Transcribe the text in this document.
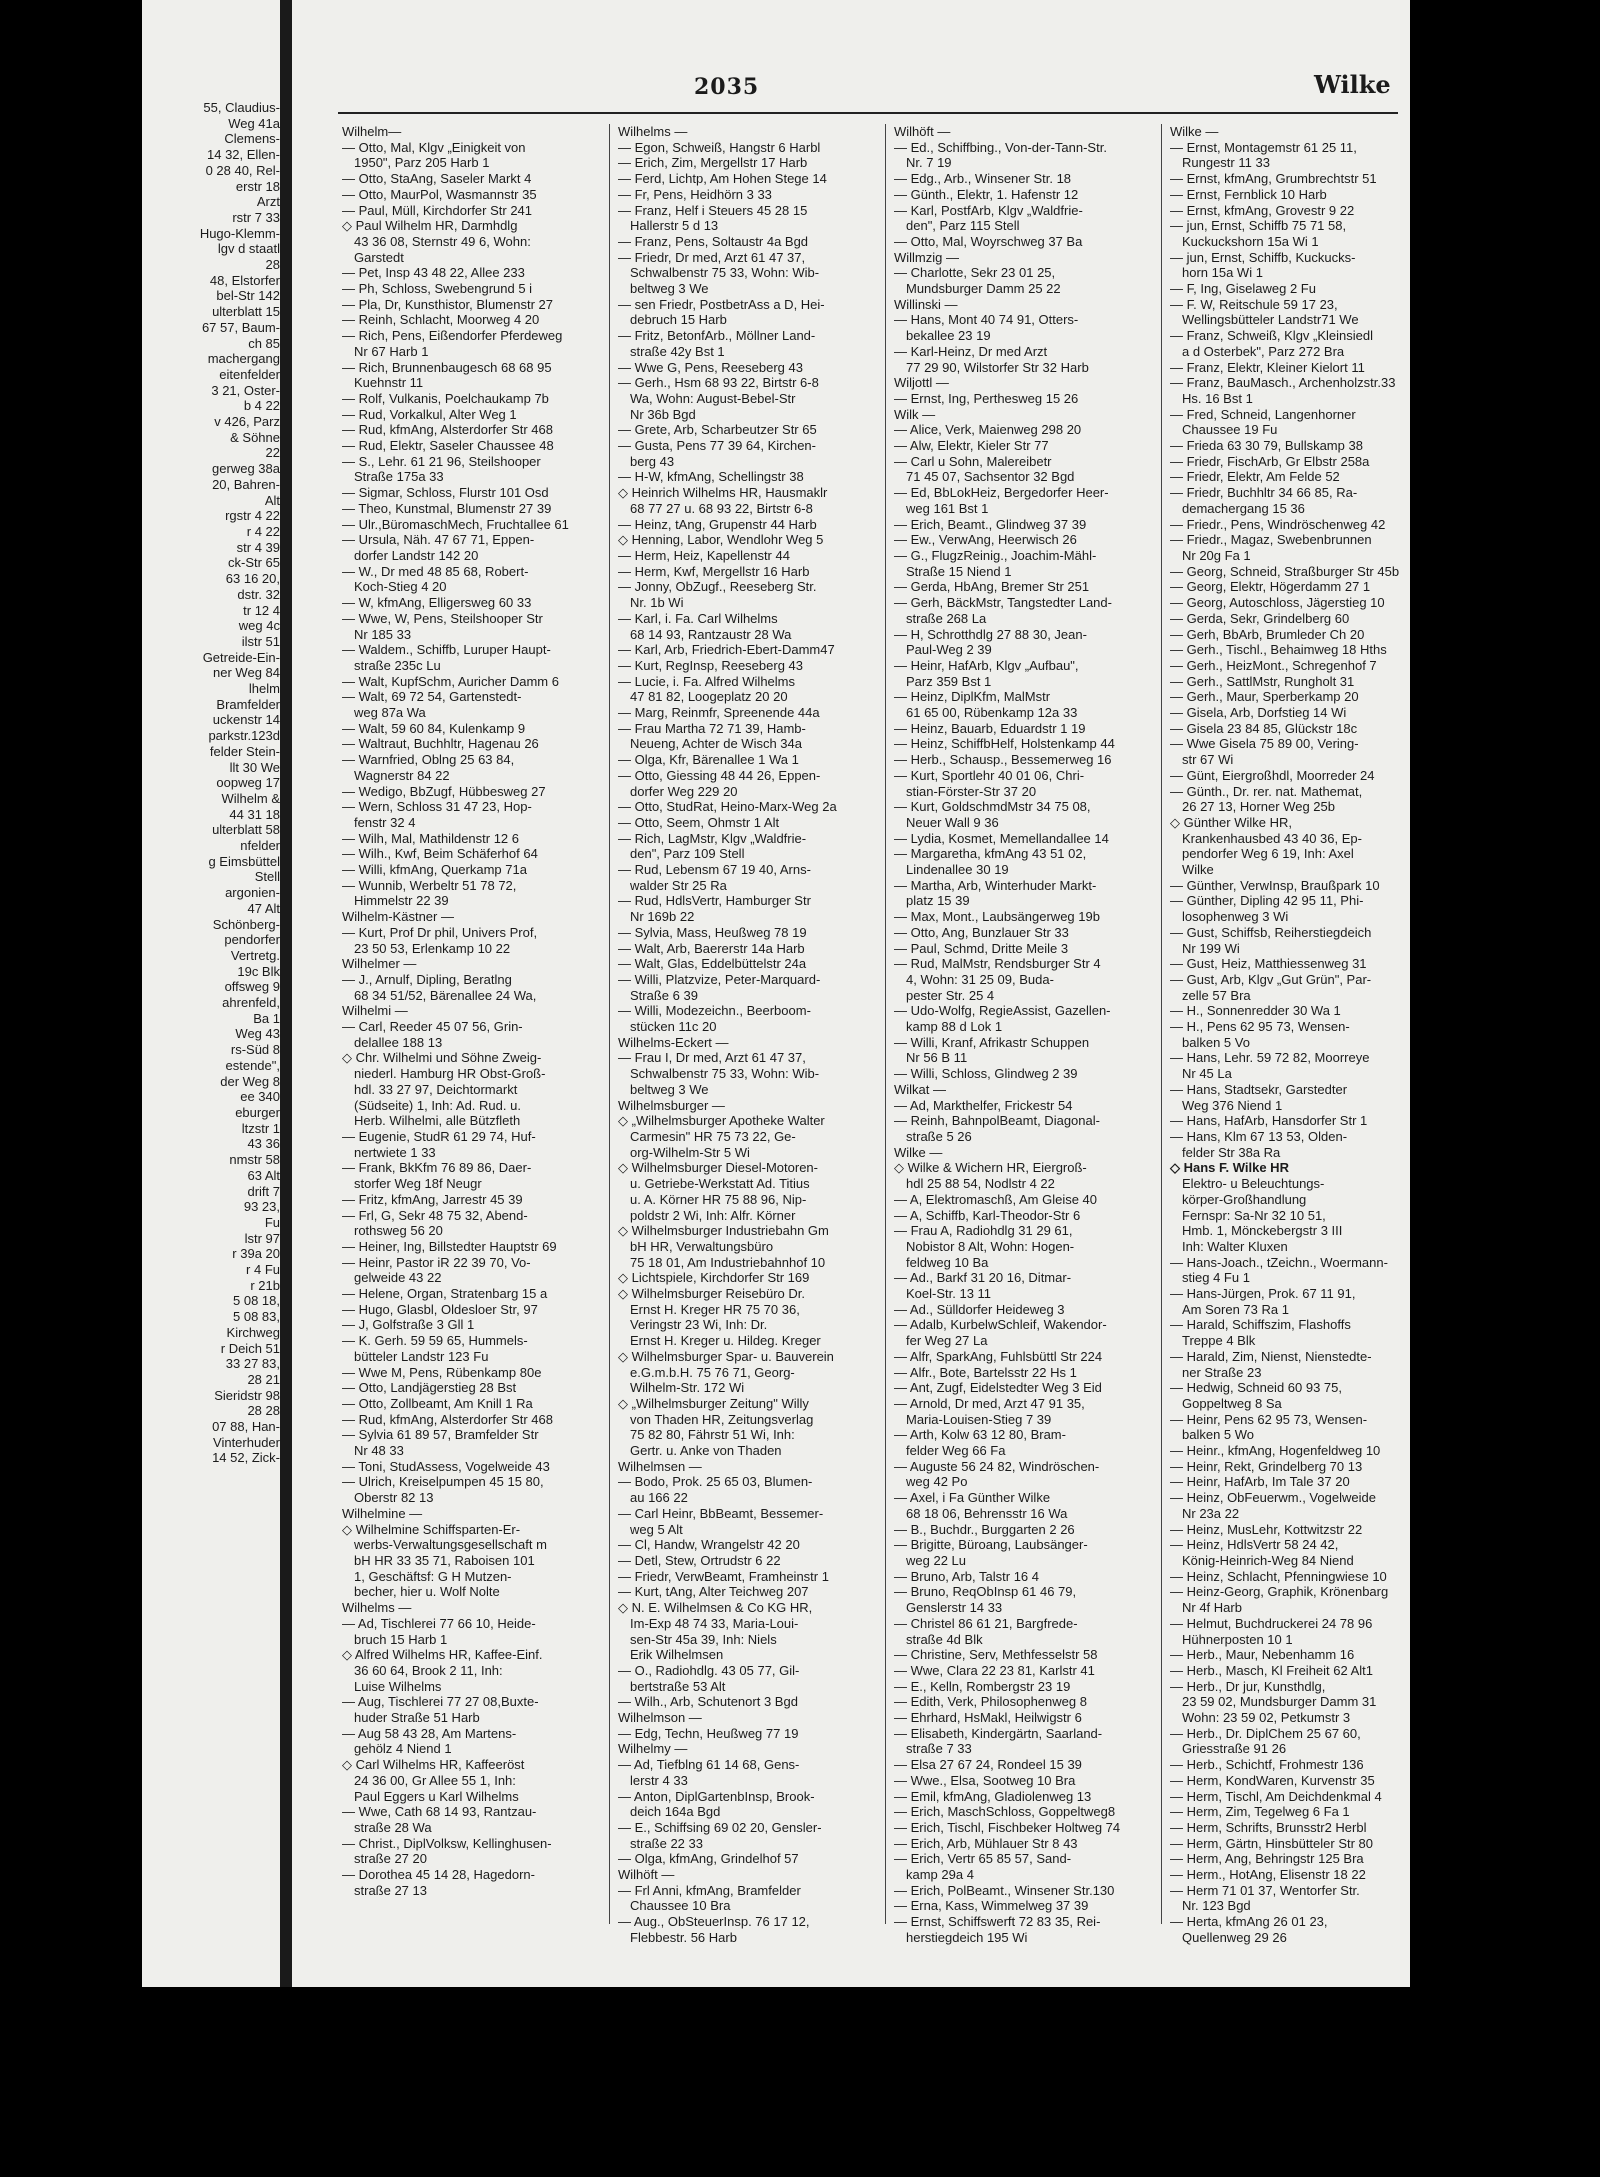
55, Claudius-
Weg 41a
Clemens-
14 32, Ellen-
0 28 40, Rel-
erstr 18
Arzt
rstr 7 33
Hugo-Klemm-
lgv d staatl
28
48, Elstorfer
bel-Str 142
ulterblatt 15
67 57, Baum-
ch 85
machergang
eitenfelder
3 21, Oster-
b 4 22
v 426, Parz
& Söhne
22
gerweg 38a
20, Bahren-
Alt
rgstr 4 22
r 4 22
str 4 39
ck-Str 65
63 16 20,
dstr. 32
tr 12 4
weg 4c
ilstr 51
Getreide-Ein-
ner Weg 84
lhelm
Bramfelder
uckenstr 14
parkstr.123d
felder Stein-
llt 30 We
oopweg 17
Wilhelm &
44 31 18
ulterblatt 58
nfelder
g Eimsbüttel
Stell
argonien-
47 Alt
Schönberg-
pendorfer
Vertretg.
19c Blk
offsweg 9
ahrenfeld,
Ba 1
Weg 43
rs-Süd 8
estende",
der Weg 8
ee 340
eburger
ltzstr 1
43 36
nmstr 58
63 Alt
drift 7
93 23,
Fu
lstr 97
r 39a 20
r 4 Fu
r 21b
5 08 18,
5 08 83,
Kirchweg
r Deich 51
33 27 83,
28 21
Sieridstr 98
28 28
07 88, Han-
Vinterhuder
14 52, Zick-
2035	Wilke
Wilhelm—
— Otto, Mal, Klgv „Einigkeit von
1950", Parz 205 Harb 1
— Otto, StaAng, Saseler Markt 4
— Otto, MaurPol, Wasmannstr 35
— Paul, Müll, Kirchdorfer Str 241
◇ Paul Wilhelm HR, Darmhdlg
43 36 08, Sternstr 49 6, Wohn:
Garstedt
— Pet, Insp 43 48 22, Allee 233
— Ph, Schloss, Swebengrund 5 i
— Pla, Dr, Kunsthistor, Blumenstr 27
— Reinh, Schlacht, Moorweg 4 20
— Rich, Pens, Eißendorfer Pferdeweg
Nr 67 Harb 1
— Rich, Brunnenbaugesch 68 68 95
Kuehnstr 11
— Rolf, Vulkanis, Poelchaukamp 7b
— Rud, Vorkalkul, Alter Weg 1
— Rud, kfmAng, Alsterdorfer Str 468
— Rud, Elektr, Saseler Chaussee 48
— S., Lehr. 61 21 96, Steilshooper
Straße 175a 33
— Sigmar, Schloss, Flurstr 101 Osd
— Theo, Kunstmal, Blumenstr 27 39
— Ulr.,BüromaschMech, Fruchtallee 61
— Ursula, Näh. 47 67 71, Eppen-
dorfer Landstr 142 20
— W., Dr med 48 85 68, Robert-
Koch-Stieg 4 20
— W, kfmAng, Elligersweg 60 33
— Wwe, W, Pens, Steilshooper Str
Nr 185 33
— Waldem., Schiffb, Luruper Haupt-
straße 235c Lu
— Walt, KupfSchm, Auricher Damm 6
— Walt, 69 72 54, Gartenstedt-
weg 87a Wa
— Walt, 59 60 84, Kulenkamp 9
— Waltraut, Buchhltr, Hagenau 26
— Warnfried, Oblng 25 63 84,
Wagnerstr 84 22
— Wedigo, BbZugf, Hübbesweg 27
— Wern, Schloss 31 47 23, Hop-
fenstr 32 4
— Wilh, Mal, Mathildenstr 12 6
— Wilh., Kwf, Beim Schäferhof 64
— Willi, kfmAng, Querkamp 71a
— Wunnib, Werbeltr 51 78 72,
Himmelstr 22 39
Wilhelm-Kästner —
— Kurt, Prof Dr phil, Univers Prof,
23 50 53, Erlenkamp 10 22
Wilhelmer —
— J., Arnulf, Dipling, Beratlng
68 34 51/52, Bärenallee 24 Wa,
Wilhelmi —
— Carl, Reeder 45 07 56, Grin-
delallee 188 13
◇ Chr. Wilhelmi und Söhne Zweig-
niederl. Hamburg HR Obst-Groß-
hdl. 33 27 97, Deichtormarkt
(Südseite) 1, Inh: Ad. Rud. u.
Herb. Wilhelmi, alle Bützfleth
— Eugenie, StudR 61 29 74, Huf-
nertwiete 1 33
— Frank, BkKfm 76 89 86, Daer-
storfer Weg 18f Neugr
— Fritz, kfmAng, Jarrestr 45 39
— Frl, G, Sekr 48 75 32, Abend-
rothsweg 56 20
— Heiner, Ing, Billstedter Hauptstr 69
— Heinr, Pastor iR 22 39 70, Vo-
gelweide 43 22
— Helene, Organ, Stratenbarg 15 a
— Hugo, Glasbl, Oldesloer Str, 97
— J, Golfstraße 3 Gll 1
— K. Gerh. 59 59 65, Hummels-
bütteler Landstr 123 Fu
— Wwe M, Pens, Rübenkamp 80e
— Otto, Landjägerstieg 28 Bst
— Otto, Zollbeamt, Am Knill 1 Ra
— Rud, kfmAng, Alsterdorfer Str 468
— Sylvia 61 89 57, Bramfelder Str
Nr 48 33
— Toni, StudAssess, Vogelweide 43
— Ulrich, Kreiselpumpen 45 15 80,
Oberstr 82 13
Wilhelmine —
◇ Wilhelmine Schiffsparten-Er-
werbs-Verwaltungsgesellschaft m
bH HR 33 35 71, Raboisen 101
1, Geschäftsf: G H Mutzen-
becher, hier u. Wolf Nolte
Wilhelms —
— Ad, Tischlerei 77 66 10, Heide-
bruch 15 Harb 1
◇ Alfred Wilhelms HR, Kaffee-Einf.
36 60 64, Brook 2 11, Inh:
Luise Wilhelms
— Aug, Tischlerei 77 27 08,Buxte-
huder Straße 51 Harb
— Aug 58 43 28, Am Martens-
gehölz 4 Niend 1
◇ Carl Wilhelms HR, Kaffeeröst
24 36 00, Gr Allee 55 1, Inh:
Paul Eggers u Karl Wilhelms
— Wwe, Cath 68 14 93, Rantzau-
straße 28 Wa
— Christ., DiplVolksw, Kellinghusen-
straße 27 20
— Dorothea 45 14 28, Hagedorn-
straße 27 13
Wilhelms —
— Egon, Schweiß, Hangstr 6 Harbl
— Erich, Zim, Mergellstr 17 Harb
— Ferd, Lichtp, Am Hohen Stege 14
— Fr, Pens, Heidhörn 3 33
— Franz, Helf i Steuers 45 28 15
Hallerstr 5 d 13
— Franz, Pens, Soltaustr 4a Bgd
— Friedr, Dr med, Arzt 61 47 37,
Schwalbenstr 75 33, Wohn: Wib-
beltweg 3 We
— sen Friedr, PostbetrAss a D, Hei-
debruch 15 Harb
— Fritz, BetonfArb., Möllner Land-
straße 42y Bst 1
— Wwe G, Pens, Reeseberg 43
— Gerh., Hsm 68 93 22, Birtstr 6-8
Wa, Wohn: August-Bebel-Str
Nr 36b Bgd
— Grete, Arb, Scharbeutzer Str 65
— Gusta, Pens 77 39 64, Kirchen-
berg 43
— H-W, kfmAng, Schellingstr 38
◇ Heinrich Wilhelms HR, Hausmaklr
68 77 27 u. 68 93 22, Birtstr 6-8
— Heinz, tAng, Grupenstr 44 Harb
◇ Henning, Labor, Wendlohr Weg 5
— Herm, Heiz, Kapellenstr 44
— Herm, Kwf, Mergellstr 16 Harb
— Jonny, ObZugf., Reeseberg Str.
Nr. 1b Wi
— Karl, i. Fa. Carl Wilhelms
68 14 93, Rantzaustr 28 Wa
— Karl, Arb, Friedrich-Ebert-Damm47
— Kurt, RegInsp, Reeseberg 43
— Lucie, i. Fa. Alfred Wilhelms
47 81 82, Loogeplatz 20 20
— Marg, Reinmfr, Spreenende 44a
— Frau Martha 72 71 39, Hamb-
Neueng, Achter de Wisch 34a
— Olga, Kfr, Bärenallee 1 Wa 1
— Otto, Giessing 48 44 26, Eppen-
dorfer Weg 229 20
— Otto, StudRat, Heino-Marx-Weg 2a
— Otto, Seem, Ohmstr 1 Alt
— Rich, LagMstr, Klgv „Waldfrie-
den", Parz 109 Stell
— Rud, Lebensm 67 19 40, Arns-
walder Str 25 Ra
— Rud, HdlsVertr, Hamburger Str
Nr 169b 22
— Sylvia, Mass, Heußweg 78 19
— Walt, Arb, Baererstr 14a Harb
— Walt, Glas, Eddelbüttelstr 24a
— Willi, Platzvize, Peter-Marquard-
Straße 6 39
— Willi, Modezeichn., Beerboom-
stücken 11c 20
Wilhelms-Eckert —
— Frau I, Dr med, Arzt 61 47 37,
Schwalbenstr 75 33, Wohn: Wib-
beltweg 3 We
Wilhelmsburger —
◇ „Wilhelmsburger Apotheke Walter
Carmesin" HR 75 73 22, Ge-
org-Wilhelm-Str 5 Wi
◇ Wilhelmsburger Diesel-Motoren-
u. Getriebe-Werkstatt Ad. Titius
u. A. Körner HR 75 88 96, Nip-
poldstr 2 Wi, Inh: Alfr. Körner
◇ Wilhelmsburger Industriebahn Gm
bH HR, Verwaltungsbüro
75 18 01, Am Industriebahnhof 10
◇ Lichtspiele, Kirchdorfer Str 169
◇ Wilhelmsburger Reisebüro Dr.
Ernst H. Kreger HR 75 70 36,
Veringstr 23 Wi, Inh: Dr.
Ernst H. Kreger u. Hildeg. Kreger
◇ Wilhelmsburger Spar- u. Bauverein
e.G.m.b.H. 75 76 71, Georg-
Wilhelm-Str. 172 Wi
◇ „Wilhelmsburger Zeitung" Willy
von Thaden HR, Zeitungsverlag
75 82 80, Fährstr 51 Wi, Inh:
Gertr. u. Anke von Thaden
Wilhelmsen —
— Bodo, Prok. 25 65 03, Blumen-
au 166 22
— Carl Heinr, BbBeamt, Bessemer-
weg 5 Alt
— Cl, Handw, Wrangelstr 42 20
— Detl, Stew, Ortrudstr 6 22
— Friedr, VerwBeamt, Framheinstr 1
— Kurt, tAng, Alter Teichweg 207
◇ N. E. Wilhelmsen & Co KG HR,
Im-Exp 48 74 33, Maria-Loui-
sen-Str 45a 39, Inh: Niels
Erik Wilhelmsen
— O., Radiohdlg. 43 05 77, Gil-
bertstraße 53 Alt
— Wilh., Arb, Schutenort 3 Bgd
Wilhelmson —
— Edg, Techn, Heußweg 77 19
Wilhelmy —
— Ad, Tiefblng 61 14 68, Gens-
lerstr 4 33
— Anton, DiplGartenbInsp, Brook-
deich 164a Bgd
— E., Schiffsing 69 02 20, Gensler-
straße 22 33
— Olga, kfmAng, Grindelhof 57
Wilhöft —
— Frl Anni, kfmAng, Bramfelder
Chaussee 10 Bra
— Aug., ObSteuerInsp. 76 17 12,
Flebbestr. 56 Harb
Wilhöft —
— Ed., Schiffbing., Von-der-Tann-Str.
Nr. 7 19
— Edg., Arb., Winsener Str. 18
— Günth., Elektr, 1. Hafenstr 12
— Karl, PostfArb, Klgv „Waldfrie-
den", Parz 115 Stell
— Otto, Mal, Woyrschweg 37 Ba
Willmzig —
— Charlotte, Sekr 23 01 25,
Mundsburger Damm 25 22
Willinski —
— Hans, Mont 40 74 91, Otters-
bekallee 23 19
— Karl-Heinz, Dr med Arzt
77 29 90, Wilstorfer Str 32 Harb
Wiljottl —
— Ernst, Ing, Perthesweg 15 26
Wilk —
— Alice, Verk, Maienweg 298 20
— Alw, Elektr, Kieler Str 77
— Carl u Sohn, Malereibetr
71 45 07, Sachsentor 32 Bgd
— Ed, BbLokHeiz, Bergedorfer Heer-
weg 161 Bst 1
— Erich, Beamt., Glindweg 37 39
— Ew., VerwAng, Heerwisch 26
— G., FlugzReinig., Joachim-Mähl-
Straße 15 Niend 1
— Gerda, HbAng, Bremer Str 251
— Gerh, BäckMstr, Tangstedter Land-
straße 268 La
— H, Schrotthdlg 27 88 30, Jean-
Paul-Weg 2 39
— Heinr, HafArb, Klgv „Aufbau",
Parz 359 Bst 1
— Heinz, DiplKfm, MalMstr
61 65 00, Rübenkamp 12a 33
— Heinz, Bauarb, Eduardstr 1 19
— Heinz, SchiffbHelf, Holstenkamp 44
— Herb., Schausp., Bessemerweg 16
— Kurt, Sportlehr 40 01 06, Chri-
stian-Förster-Str 37 20
— Kurt, GoldschmdMstr 34 75 08,
Neuer Wall 9 36
— Lydia, Kosmet, Memellandallee 14
— Margaretha, kfmAng 43 51 02,
Lindenallee 30 19
— Martha, Arb, Winterhuder Markt-
platz 15 39
— Max, Mont., Laubsängerweg 19b
— Otto, Ang, Bunzlauer Str 33
— Paul, Schmd, Dritte Meile 3
— Rud, MalMstr, Rendsburger Str 4
4, Wohn: 31 25 09, Buda-
pester Str. 25 4
— Udo-Wolfg, RegieAssist, Gazellen-
kamp 88 d Lok 1
— Willi, Kranf, Afrikastr Schuppen
Nr 56 B 11
— Willi, Schloss, Glindweg 2 39
Wilkat —
— Ad, Markthelfer, Frickestr 54
— Reinh, BahnpolBeamt, Diagonal-
straße 5 26
Wilke —
◇ Wilke & Wichern HR, Eiergroß-
hdl 25 88 54, Nodlstr 4 22
— A, Elektromaschß, Am Gleise 40
— A, Schiffb, Karl-Theodor-Str 6
— Frau A, Radiohdlg 31 29 61,
Nobistor 8 Alt, Wohn: Hogen-
feldweg 10 Ba
— Ad., Barkf 31 20 16, Ditmar-
Koel-Str. 13 11
— Ad., Sülldorfer Heideweg 3
— Adalb, KurbelwSchleif, Wakendor-
fer Weg 27 La
— Alfr, SparkAng, Fuhlsbüttl Str 224
— Alfr., Bote, Bartelsstr 22 Hs 1
— Ant, Zugf, Eidelstedter Weg 3 Eid
— Arnold, Dr med, Arzt 47 91 35,
Maria-Louisen-Stieg 7 39
— Arth, Kolw 63 12 80, Bram-
felder Weg 66 Fa
— Auguste 56 24 82, Windröschen-
weg 42 Po
— Axel, i Fa Günther Wilke
68 18 06, Behrensstr 16 Wa
— B., Buchdr., Burggarten 2 26
— Brigitte, Büroang, Laubsänger-
weg 22 Lu
— Bruno, Arb, Talstr 16 4
— Bruno, ReqObInsp 61 46 79,
Genslerstr 14 33
— Christel 86 61 21, Bargfrede-
straße 4d Blk
— Christine, Serv, Methfesselstr 58
— Wwe, Clara 22 23 81, Karlstr 41
— E., Kelln, Rombergstr 23 19
— Edith, Verk, Philosophenweg 8
— Ehrhard, HsMakl, Heilwigstr 6
— Elisabeth, Kindergärtn, Saarland-
straße 7 33
— Elsa 27 67 24, Rondeel 15 39
— Wwe., Elsa, Sootweg 10 Bra
— Emil, kfmAng, Gladiolenweg 13
— Erich, MaschSchloss, Goppeltweg8
— Erich, Tischl, Fischbeker Holtweg 74
— Erich, Arb, Mühlauer Str 8 43
— Erich, Vertr 65 85 57, Sand-
kamp 29a 4
— Erich, PolBeamt., Winsener Str.130
— Erna, Kass, Wimmelweg 37 39
— Ernst, Schiffswerft 72 83 35, Rei-
herstiegdeich 195 Wi
Wilke —
— Ernst, Montagemstr 61 25 11,
Rungestr 11 33
— Ernst, kfmAng, Grumbrechtstr 51
— Ernst, Fernblick 10 Harb
— Ernst, kfmAng, Grovestr 9 22
— jun, Ernst, Schiffb 75 71 58,
Kuckuckshorn 15a Wi 1
— jun, Ernst, Schiffb, Kuckucks-
horn 15a Wi 1
— F, Ing, Giselaweg 2 Fu
— F. W, Reitschule 59 17 23,
Wellingsbütteler Landstr71 We
— Franz, Schweiß, Klgv „Kleinsiedl
a d Osterbek", Parz 272 Bra
— Franz, Elektr, Kleiner Kielort 11
— Franz, BauMasch., Archenholzstr.33
Hs. 16 Bst 1
— Fred, Schneid, Langenhorner
Chaussee 19 Fu
— Frieda 63 30 79, Bullskamp 38
— Friedr, FischArb, Gr Elbstr 258a
— Friedr, Elektr, Am Felde 52
— Friedr, Buchhltr 34 66 85, Ra-
demachergang 15 36
— Friedr., Pens, Windröschenweg 42
— Friedr., Magaz, Swebenbrunnen
Nr 20g Fa 1
— Georg, Schneid, Straßburger Str 45b
— Georg, Elektr, Högerdamm 27 1
— Georg, Autoschloss, Jägerstieg 10
— Gerda, Sekr, Grindelberg 60
— Gerh, BbArb, Brumleder Ch 20
— Gerh., Tischl., Behaimweg 18 Hths
— Gerh., HeizMont., Schregenhof 7
— Gerh., SattlMstr, Rungholt 31
— Gerh., Maur, Sperberkamp 20
— Gisela, Arb, Dorfstieg 14 Wi
— Gisela 23 84 85, Glückstr 18c
— Wwe Gisela 75 89 00, Vering-
str 67 Wi
— Günt, Eiergroßhdl, Moorreder 24
— Günth., Dr. rer. nat. Mathemat,
26 27 13, Horner Weg 25b
◇ Günther Wilke HR,
Krankenhausbed 43 40 36, Ep-
pendorfer Weg 6 19, Inh: Axel
Wilke
— Günther, VerwInsp, Braußpark 10
— Günther, Dipling 42 95 11, Phi-
losophenweg 3 Wi
— Gust, Schiffsb, Reiherstiegdeich
Nr 199 Wi
— Gust, Heiz, Matthiessenweg 31
— Gust, Arb, Klgv „Gut Grün", Par-
zelle 57 Bra
— H., Sonnenredder 30 Wa 1
— H., Pens 62 95 73, Wensen-
balken 5 Vo
— Hans, Lehr. 59 72 82, Moorreye
Nr 45 La
— Hans, Stadtsekr, Garstedter
Weg 376 Niend 1
— Hans, HafArb, Hansdorfer Str 1
— Hans, Klm 67 13 53, Olden-
felder Str 38a Ra
◇ Hans F. Wilke HR
Elektro- u Beleuchtungs-
körper-Großhandlung
Fernspr: Sa-Nr 32 10 51,
Hmb. 1, Mönckebergstr 3 III
Inh: Walter Kluxen
— Hans-Joach., tZeichn., Woermann-
stieg 4 Fu 1
— Hans-Jürgen, Prok. 67 11 91,
Am Soren 73 Ra 1
— Harald, Schiffszim, Flashoffs
Treppe 4 Blk
— Harald, Zim, Nienst, Nienstedte-
ner Straße 23
— Hedwig, Schneid 60 93 75,
Goppeltweg 8 Sa
— Heinr, Pens 62 95 73, Wensen-
balken 5 Wo
— Heinr., kfmAng, Hogenfeldweg 10
— Heinr, Rekt, Grindelberg 70 13
— Heinr, HafArb, Im Tale 37 20
— Heinz, ObFeuerwm., Vogelweide
Nr 23a 22
— Heinz, MusLehr, Kottwitzstr 22
— Heinz, HdlsVertr 58 24 42,
König-Heinrich-Weg 84 Niend
— Heinz, Schlacht, Pfenningwiese 10
— Heinz-Georg, Graphik, Krönenbarg
Nr 4f Harb
— Helmut, Buchdruckerei 24 78 96
Hühnerposten 10 1
— Herb., Maur, Nebenhamm 16
— Herb., Masch, Kl Freiheit 62 Alt1
— Herb., Dr jur, Kunsthdlg,
23 59 02, Mundsburger Damm 31
Wohn: 23 59 02, Petkumstr 3
— Herb., Dr. DiplChem 25 67 60,
Griesstraße 91 26
— Herb., Schichtf, Frohmestr 136
— Herm, KondWaren, Kurvenstr 35
— Herm, Tischl, Am Deichdenkmal 4
— Herm, Zim, Tegelweg 6 Fa 1
— Herm, Schrifts, Brunsstr2 Herbl
— Herm, Gärtn, Hinsbütteler Str 80
— Herm, Ang, Behringstr 125 Bra
— Herm., HotAng, Elisenstr 18 22
— Herm 71 01 37, Wentorfer Str.
Nr. 123 Bgd
— Herta, kfmAng 26 01 23,
Quellenweg 29 26
